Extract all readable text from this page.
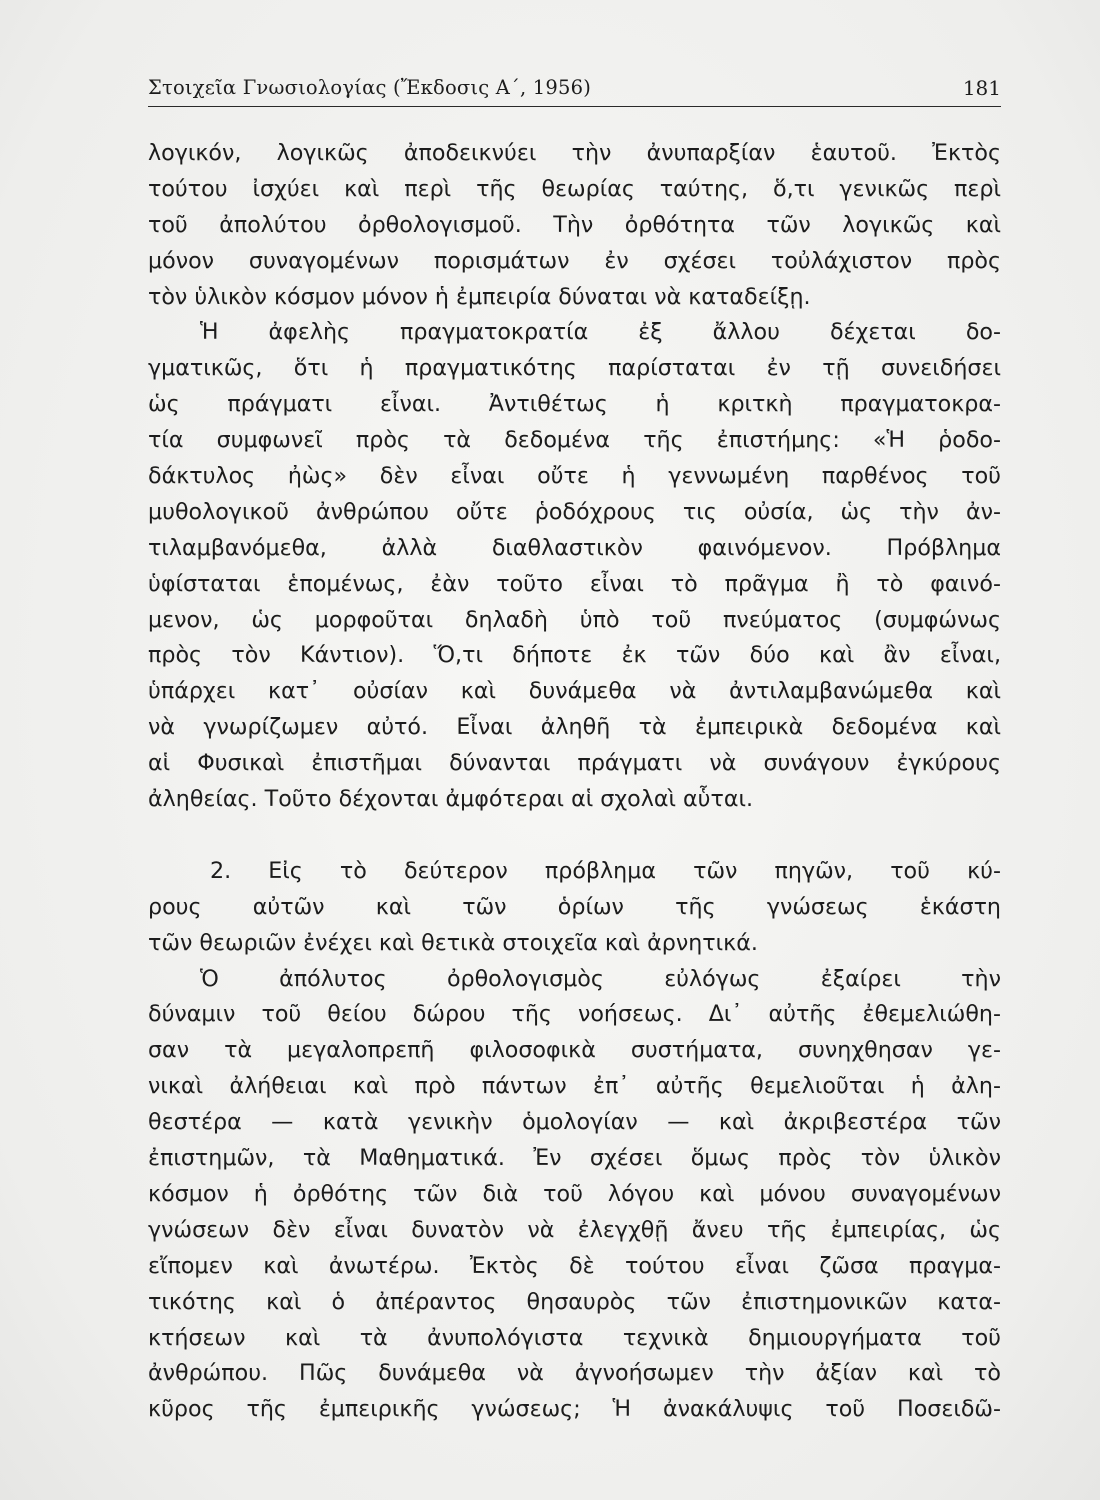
Στοιχεῖα Γνωσιολογίας (Ἔκδοσις Α΄, 1956)	181
λογικόν, λογικῶς ἀποδεικνύει τὴν ἀνυπαρξίαν ἑαυτοῦ. Ἐκτὸς
τούτου ἰσχύει καὶ περὶ τῆς θεωρίας ταύτης, ὅ,τι γενικῶς περὶ
τοῦ ἀπολύτου ὀρθολογισμοῦ. Τὴν ὀρθότητα τῶν λογικῶς καὶ
μόνον συναγομένων πορισμάτων ἐν σχέσει τοὐλάχιστον πρὸς
τὸν ὑλικὸν κόσμον μόνον ἡ ἐμπειρία δύναται νὰ καταδείξῃ.
Ἡ ἀφελὴς πραγματοκρατία ἐξ ἄλλου δέχεται δο-
γματικῶς, ὅτι ἡ πραγματικότης παρίσταται ἐν τῇ συνειδήσει
ὡς πράγματι εἶναι. Ἀντιθέτως ἡ κριτκὴ πραγματοκρα-
τία συμφωνεῖ πρὸς τὰ δεδομένα τῆς ἐπιστήμης: «Ἡ ῥοδο-
δάκτυλος ἠὼς» δὲν εἶναι οὔτε ἡ γεννωμένη παρθένος τοῦ
μυθολογικοῦ ἀνθρώπου οὔτε ῥοδόχρους τις οὐσία, ὡς τὴν ἀν-
τιλαμβανόμεθα, ἀλλὰ διαθλαστικὸν φαινόμενον. Πρόβλημα
ὑφίσταται ἑπομένως, ἐὰν τοῦτο εἶναι τὸ πρᾶγμα ἢ τὸ φαινό-
μενον, ὡς μορφοῦται δηλαδὴ ὑπὸ τοῦ πνεύματος (συμφώνως
πρὸς τὸν Κάντιον). Ὅ,τι δήποτε ἐκ τῶν δύο καὶ ἂν εἶναι,
ὑπάρχει κατ᾽ οὐσίαν καὶ δυνάμεθα νὰ ἀντιλαμβανώμεθα καὶ
νὰ γνωρίζωμεν αὐτό. Εἶναι ἀληθῆ τὰ ἐμπειρικὰ δεδομένα καὶ
αἱ Φυσικαὶ ἐπιστῆμαι δύνανται πράγματι νὰ συνάγουν ἐγκύρους
ἀληθείας. Τοῦτο δέχονται ἀμφότεραι αἱ σχολαὶ αὗται.
2. Εἰς τὸ δεύτερον πρόβλημα τῶν πηγῶν, τοῦ κύ-
ρους αὐτῶν καὶ τῶν ὁρίων τῆς γνώσεως ἑκάστη
τῶν θεωριῶν ἐνέχει καὶ θετικὰ στοιχεῖα καὶ ἀρνητικά.
Ὁ ἀπόλυτος ὀρθολογισμὸς εὐλόγως ἐξαίρει τὴν
δύναμιν τοῦ θείου δώρου τῆς νοήσεως. Δι᾽ αὐτῆς ἐθεμελιώθη-
σαν τὰ μεγαλοπρεπῆ φιλοσοφικὰ συστήματα, συνηχθησαν γε-
νικαὶ ἀλήθειαι καὶ πρὸ πάντων ἐπ᾽ αὐτῆς θεμελιοῦται ἡ ἀλη-
θεστέρα — κατὰ γενικὴν ὁμολογίαν — καὶ ἀκριβεστέρα τῶν
ἐπιστημῶν, τὰ Μαθηματικά. Ἐν σχέσει ὅμως πρὸς τὸν ὑλικὸν
κόσμον ἡ ὀρθότης τῶν διὰ τοῦ λόγου καὶ μόνου συναγομένων
γνώσεων δὲν εἶναι δυνατὸν νὰ ἐλεγχθῇ ἄνευ τῆς ἐμπειρίας, ὡς
εἴπομεν καὶ ἀνωτέρω. Ἐκτὸς δὲ τούτου εἶναι ζῶσα πραγμα-
τικότης καὶ ὁ ἀπέραντος θησαυρὸς τῶν ἐπιστημονικῶν κατα-
κτήσεων καὶ τὰ ἀνυπολόγιστα τεχνικὰ δημιουργήματα τοῦ
ἀνθρώπου. Πῶς δυνάμεθα νὰ ἀγνοήσωμεν τὴν ἀξίαν καὶ τὸ
κῦρος τῆς ἐμπειρικῆς γνώσεως; Ἡ ἀνακάλυψις τοῦ Ποσειδῶ-
